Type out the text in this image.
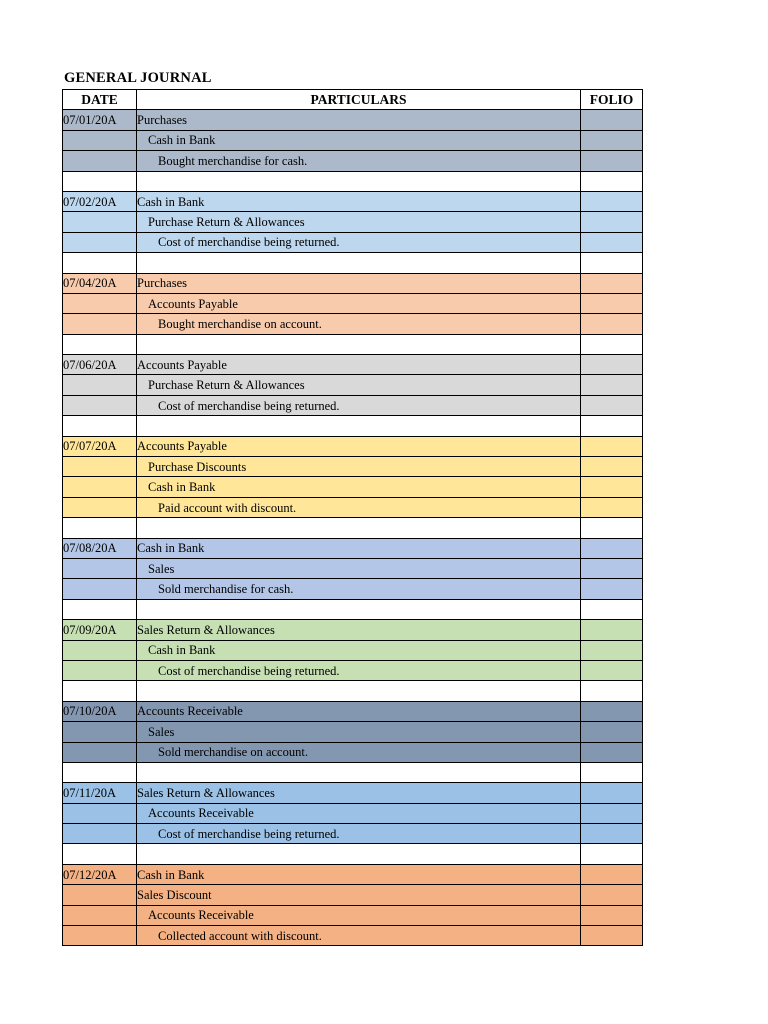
GENERAL JOURNAL
DATE	PARTICULARS	FOLIO
07/01/20A	Purchases	
	Cash in Bank	
	Bought merchandise for cash.	

07/02/20A	Cash in Bank	
	Purchase Return & Allowances	
	Cost of merchandise being returned.	

07/04/20A	Purchases	
	Accounts Payable	
	Bought merchandise on account.	

07/06/20A	Accounts Payable	
	Purchase Return & Allowances	
	Cost of merchandise being returned.	

07/07/20A	Accounts Payable	
	Purchase Discounts	
	Cash in Bank	
	Paid account with discount.	

07/08/20A	Cash in Bank	
	Sales	
	Sold merchandise for cash.	

07/09/20A	Sales Return & Allowances	
	Cash in Bank	
	Cost of merchandise being returned.	

07/10/20A	Accounts Receivable	
	Sales	
	Sold merchandise on account.	

07/11/20A	Sales Return & Allowances	
	Accounts Receivable	
	Cost of merchandise being returned.	

07/12/20A	Cash in Bank	
	Sales Discount	
	Accounts Receivable	
	Collected account with discount.	
